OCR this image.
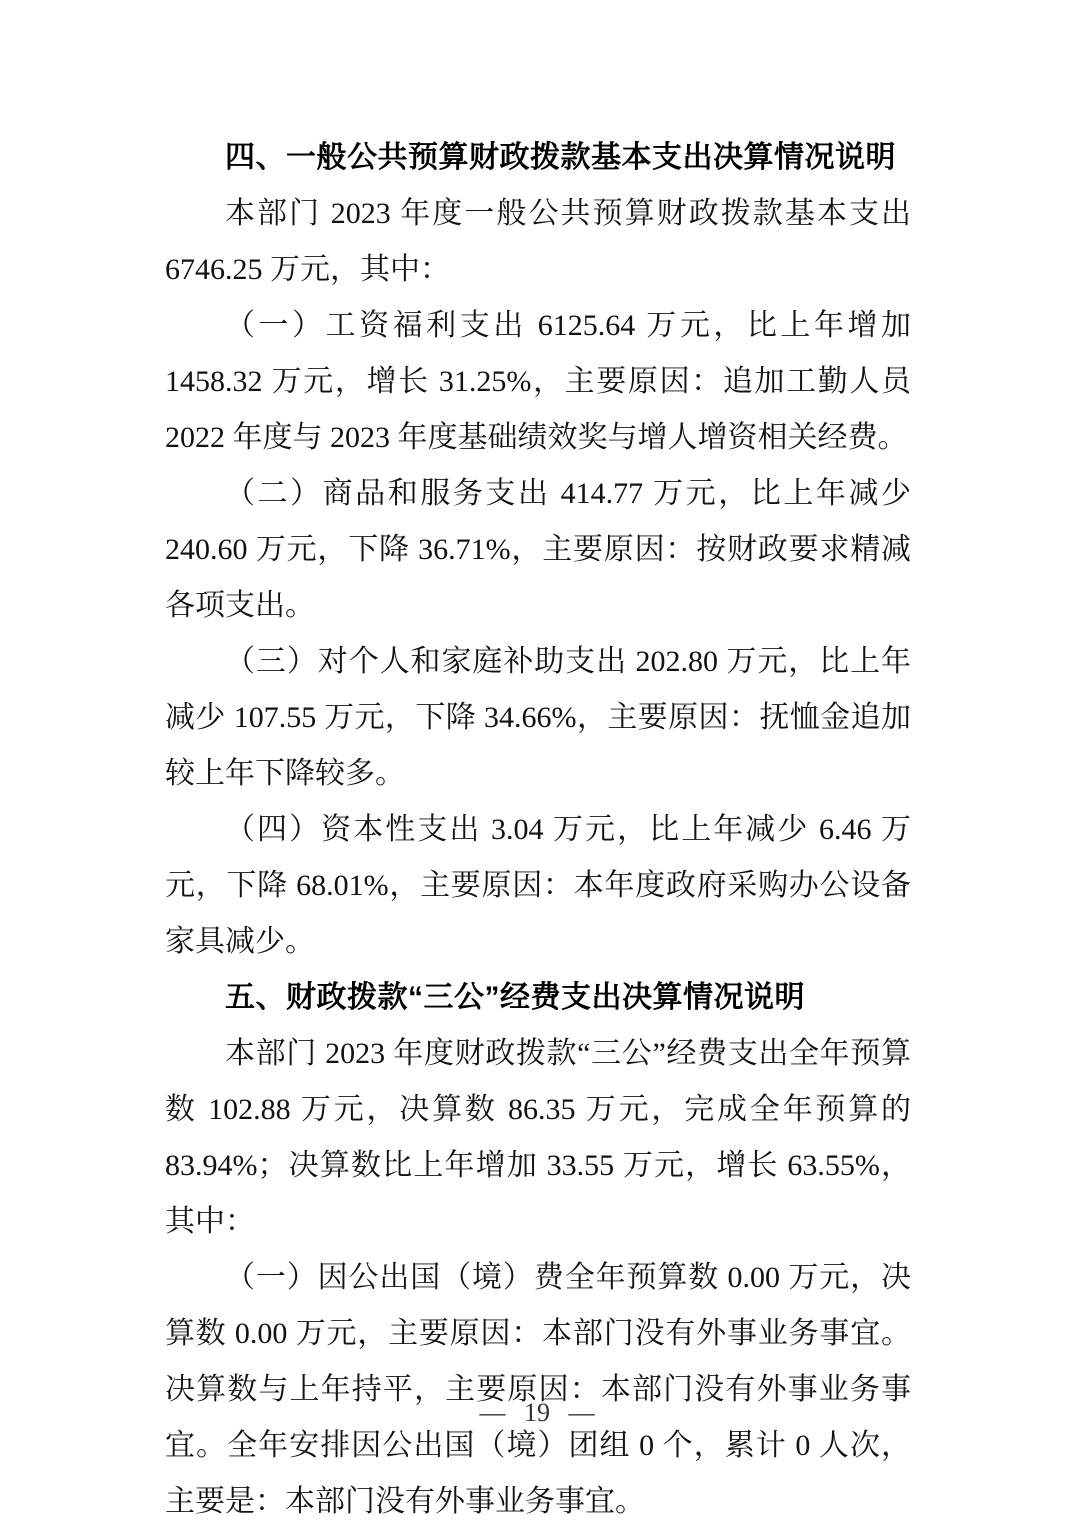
四、一般公共预算财政拨款基本支出决算情况说明

本部门 2023 年度一般公共预算财政拨款基本支出 6746.25 万元，其中：

（一）工资福利支出 6125.64 万元，比上年增加 1458.32 万元，增长 31.25%，主要原因：追加工勤人员 2022 年度与 2023 年度基础绩效奖与增人增资相关经费。

（二）商品和服务支出 414.77 万元，比上年减少 240.60 万元，下降 36.71%，主要原因：按财政要求精减各项支出。

（三）对个人和家庭补助支出 202.80 万元，比上年减少 107.55 万元，下降 34.66%，主要原因：抚恤金追加较上年下降较多。

（四）资本性支出 3.04 万元，比上年减少 6.46 万元，下降 68.01%，主要原因：本年度政府采购办公设备家具减少。

五、财政拨款“三公”经费支出决算情况说明

本部门 2023 年度财政拨款“三公”经费支出全年预算数 102.88 万元，决算数 86.35 万元，完成全年预算的 83.94%；决算数比上年增加 33.55 万元，增长 63.55%，其中：

（一）因公出国（境）费全年预算数 0.00 万元，决算数 0.00 万元，主要原因：本部门没有外事业务事宜。决算数与上年持平，主要原因：本部门没有外事业务事宜。全年安排因公出国（境）团组 0 个，累计 0 人次，主要是：本部门没有外事业务事宜。

— 19 —
